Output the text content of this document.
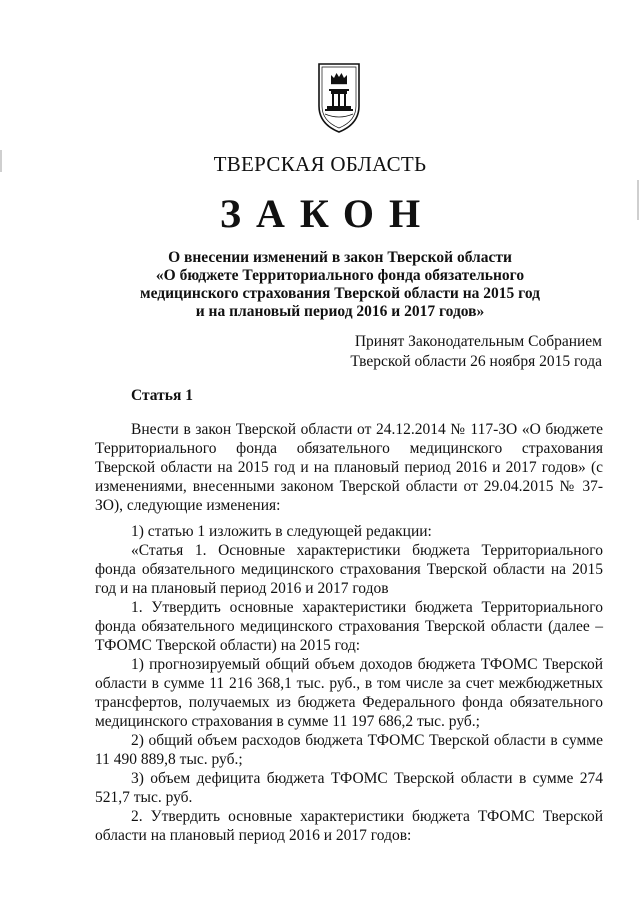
ТВЕРСКАЯ ОБЛАСТЬ
ЗАКОН
О внесении изменений в закон Тверской области
«О бюджете Территориального фонда обязательного
медицинского страхования Тверской области на 2015 год
и на плановый период 2016 и 2017 годов»
Принят Законодательным Собранием
Тверской области 26 ноября 2015 года
Статья 1

Внести в закон Тверской области от 24.12.2014 № 117-ЗО «О бюджете Территориального фонда обязательного медицинского страхования Тверской области на 2015 год и на плановый период 2016 и 2017 годов» (с изменениями, внесенными законом Тверской области от 29.04.2015 № 37-ЗО), следующие изменения:

1) статью 1 изложить в следующей редакции:

«Статья 1. Основные характеристики бюджета Территориального фонда обязательного медицинского страхования Тверской области на 2015 год и на плановый период 2016 и 2017 годов

1. Утвердить основные характеристики бюджета Территориального фонда обязательного медицинского страхования Тверской области (далее – ТФОМС Тверской области) на 2015 год:

1) прогнозируемый общий объем доходов бюджета ТФОМС Тверской области в сумме 11 216 368,1 тыс. руб., в том числе за счет межбюджетных трансфертов, получаемых из бюджета Федерального фонда обязательного медицинского страхования в сумме 11 197 686,2 тыс. руб.;

2) общий объем расходов бюджета ТФОМС Тверской области в сумме 11 490 889,8 тыс. руб.;

3) объем дефицита бюджета ТФОМС Тверской области в сумме 274 521,7 тыс. руб.

2. Утвердить основные характеристики бюджета ТФОМС Тверской области на плановый период 2016 и 2017 годов:
